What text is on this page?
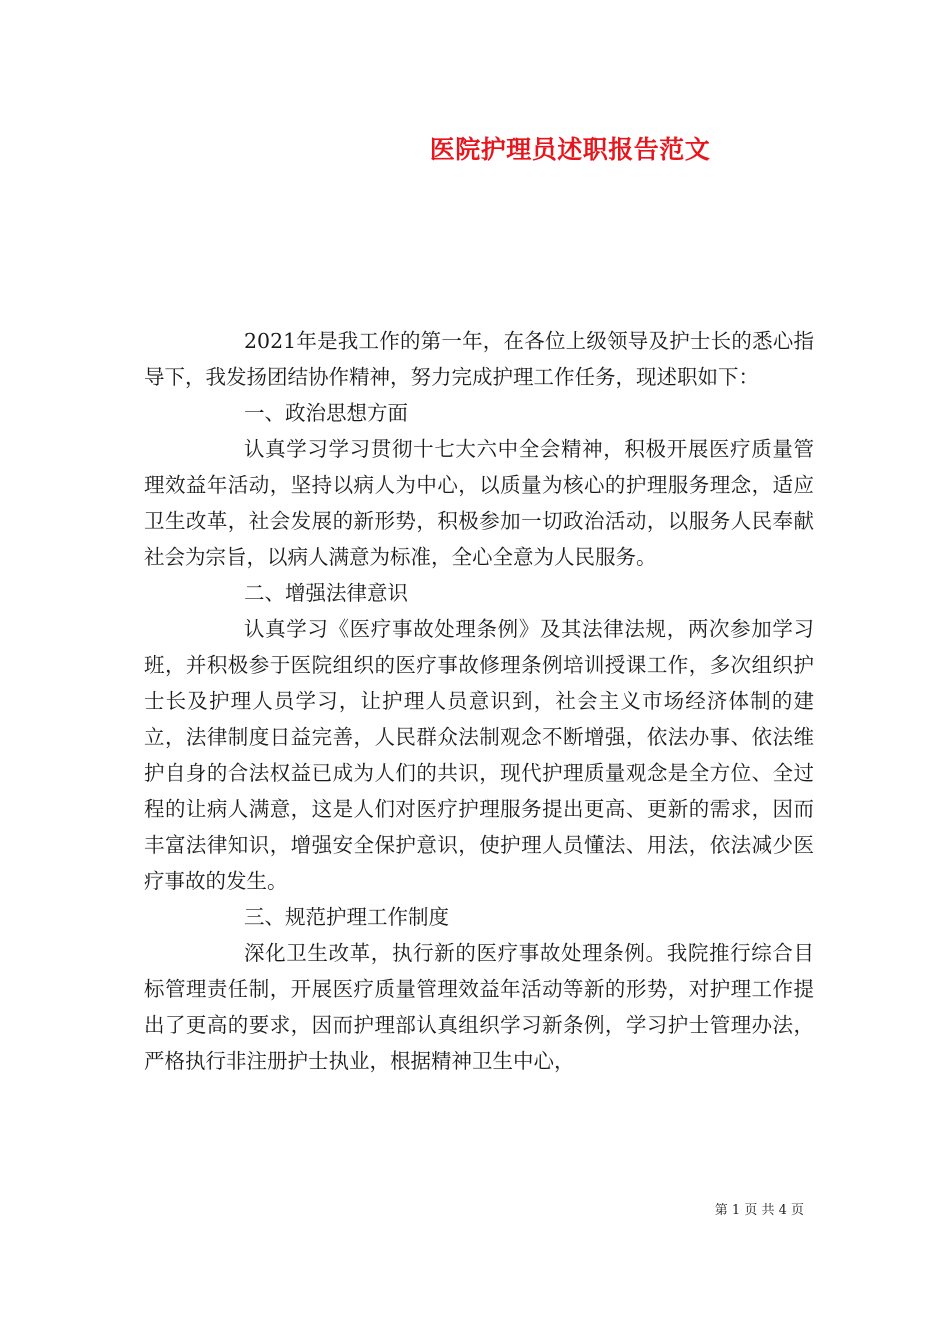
医院护理员述职报告范文

2021年是我工作的第一年，在各位上级领导及护士长的悉心指导下，我发扬团结协作精神，努力完成护理工作任务，现述职如下：

一、政治思想方面

认真学习学习贯彻十七大六中全会精神，积极开展医疗质量管理效益年活动，坚持以病人为中心，以质量为核心的护理服务理念，适应卫生改革，社会发展的新形势，积极参加一切政治活动，以服务人民奉献社会为宗旨，以病人满意为标准，全心全意为人民服务。

二、增强法律意识

认真学习《医疗事故处理条例》及其法律法规，两次参加学习班，并积极参于医院组织的医疗事故修理条例培训授课工作，多次组织护士长及护理人员学习，让护理人员意识到，社会主义市场经济体制的建立，法律制度日益完善，人民群众法制观念不断增强，依法办事、依法维护自身的合法权益已成为人们的共识，现代护理质量观念是全方位、全过程的让病人满意，这是人们对医疗护理服务提出更高、更新的需求，因而丰富法律知识，增强安全保护意识，使护理人员懂法、用法，依法减少医疗事故的发生。

三、规范护理工作制度

深化卫生改革，执行新的医疗事故处理条例。我院推行综合目标管理责任制，开展医疗质量管理效益年活动等新的形势，对护理工作提出了更高的要求，因而护理部认真组织学习新条例，学习护士管理办法，严格执行非注册护士执业，根据精神卫生中心，

第 1 页 共 4 页
